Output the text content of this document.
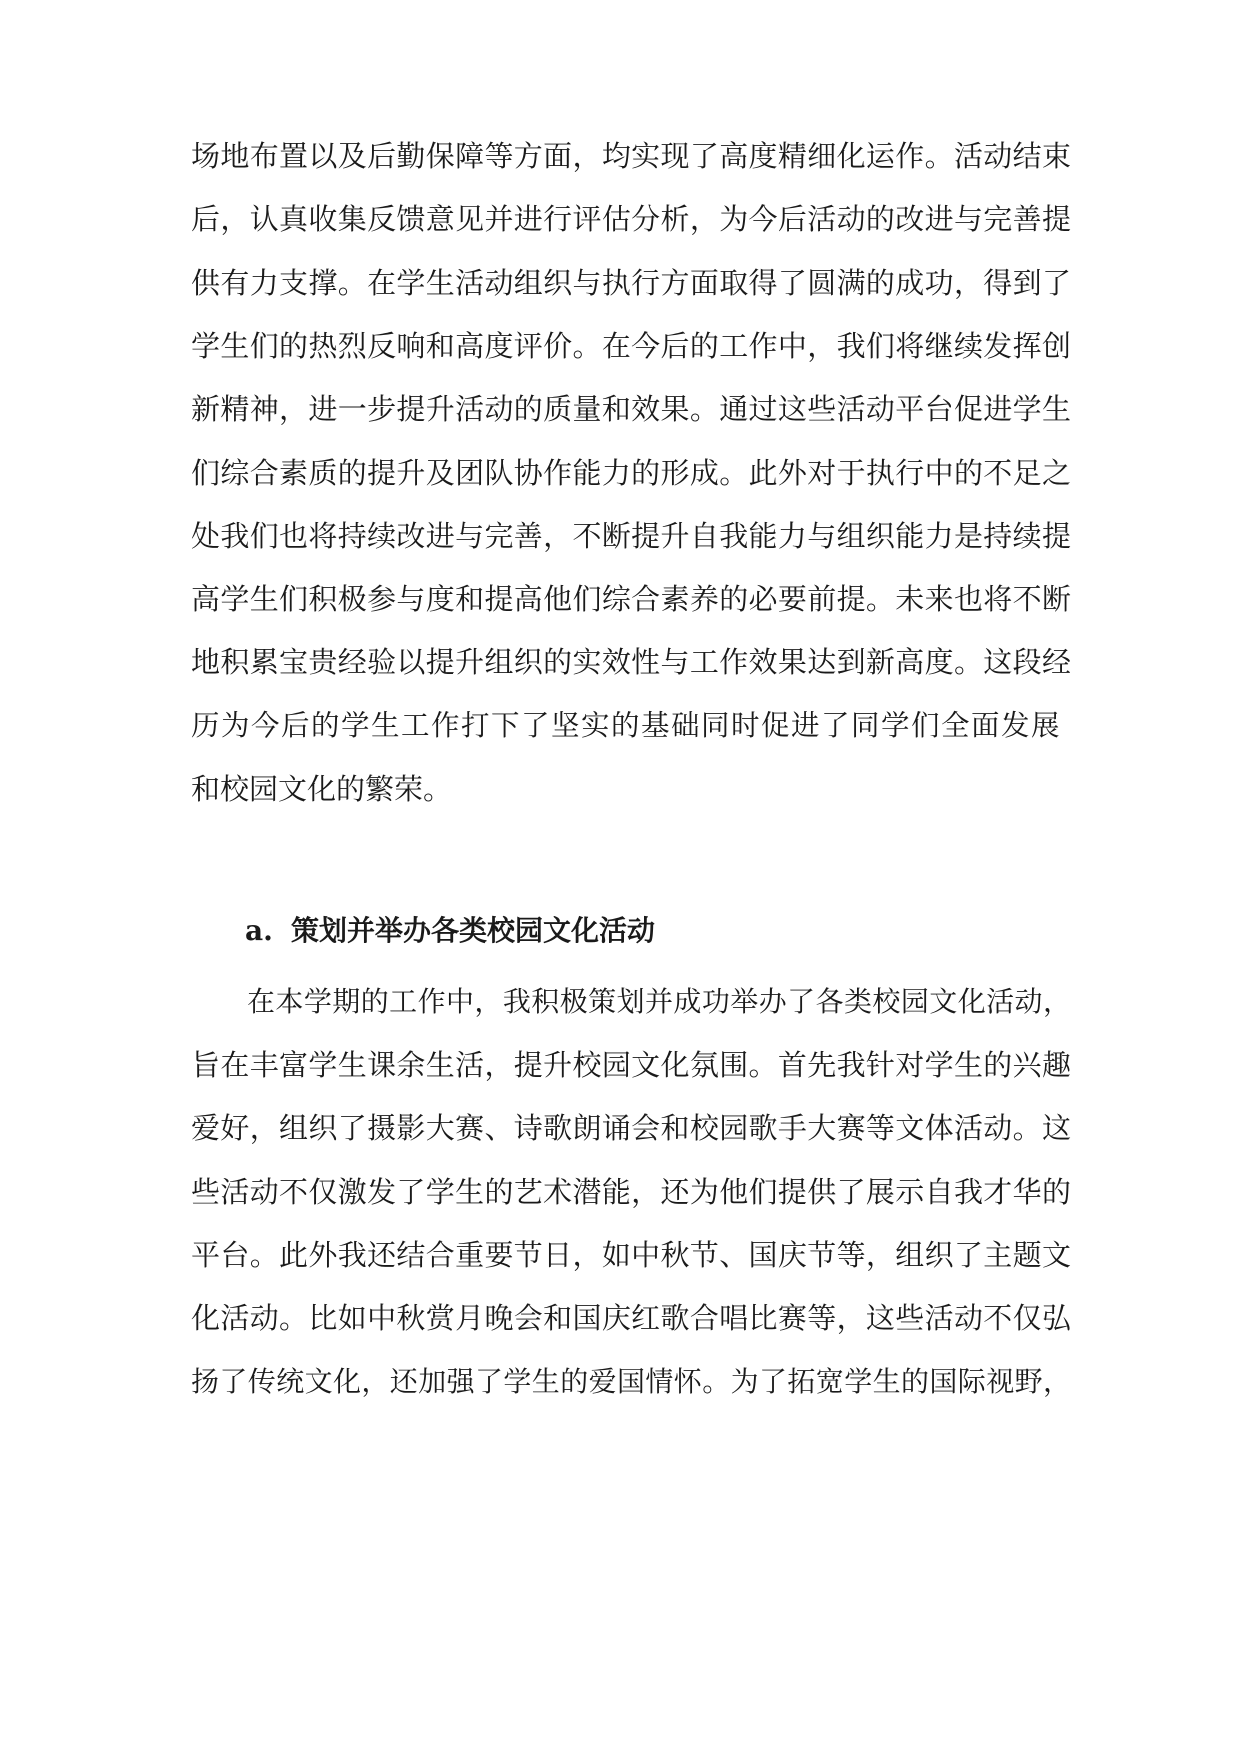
场地布置以及后勤保障等方面，均实现了高度精细化运作。活动结束
后，认真收集反馈意见并进行评估分析，为今后活动的改进与完善提
供有力支撑。在学生活动组织与执行方面取得了圆满的成功，得到了
学生们的热烈反响和高度评价。在今后的工作中，我们将继续发挥创
新精神，进一步提升活动的质量和效果。通过这些活动平台促进学生
们综合素质的提升及团队协作能力的形成。此外对于执行中的不足之
处我们也将持续改进与完善，不断提升自我能力与组织能力是持续提
高学生们积极参与度和提高他们综合素养的必要前提。未来也将不断
地积累宝贵经验以提升组织的实效性与工作效果达到新高度。这段经
历为今后的学生工作打下了坚实的基础同时促进了同学们全面发展
和校园文化的繁荣。
a. 策划并举办各类校园文化活动
在本学期的工作中，我积极策划并成功举办了各类校园文化活动，
旨在丰富学生课余生活，提升校园文化氛围。首先我针对学生的兴趣
爱好，组织了摄影大赛、诗歌朗诵会和校园歌手大赛等文体活动。这
些活动不仅激发了学生的艺术潜能，还为他们提供了展示自我才华的
平台。此外我还结合重要节日，如中秋节、国庆节等，组织了主题文
化活动。比如中秋赏月晚会和国庆红歌合唱比赛等，这些活动不仅弘
扬了传统文化，还加强了学生的爱国情怀。为了拓宽学生的国际视野，
